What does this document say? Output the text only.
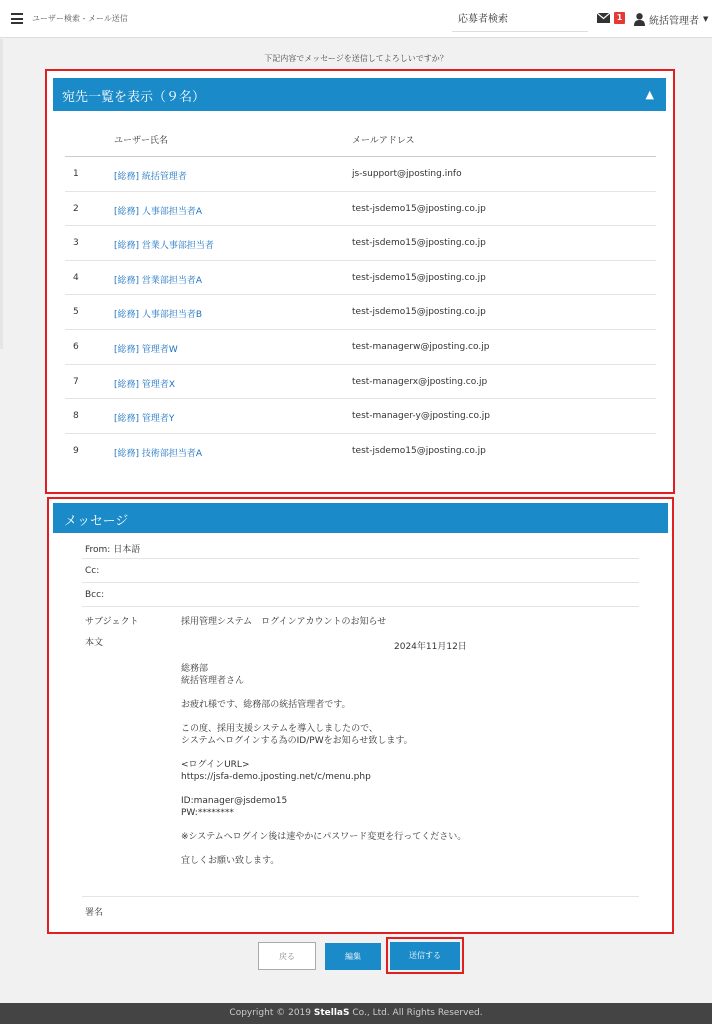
ユーザー検索 - メール送信
応募者検索	1	統括管理者 ▼
下記内容でメッセージを送信してよろしいですか？
宛先一覧を表示（９名）	▲
ユーザー氏名	メールアドレス
1	[総務] 統括管理者	js-support@jposting.info
2	[総務] 人事部担当者A	test-jsdemo15@jposting.co.jp
3	[総務] 営業人事部担当者	test-jsdemo15@jposting.co.jp
4	[総務] 営業部担当者A	test-jsdemo15@jposting.co.jp
5	[総務] 人事部担当者B	test-jsdemo15@jposting.co.jp
6	[総務] 管理者W	test-managerw@jposting.co.jp
7	[総務] 管理者X	test-managerx@jposting.co.jp
8	[総務] 管理者Y	test-manager-y@jposting.co.jp
9	[総務] 技術部担当者A	test-jsdemo15@jposting.co.jp
メッセージ
From: 日本語
Cc:
Bcc:
サブジェクト	採用管理システム　ログインアカウントのお知らせ
本文	2024年11月12日
総務部
統括管理者さん
お疲れ様です、総務部の統括管理者です。
この度、採用支援システムを導入しましたので、
システムへログインする為のID/PWをお知らせ致します。
<ログインURL>
https://jsfa-demo.jposting.net/c/menu.php
ID:manager@jsdemo15
PW:********
※システムへログイン後は速やかにパスワード変更を行ってください。
宜しくお願い致します。
署名
戻る	編集	送信する
Copyright © 2019 StellaS Co., Ltd. All Rights Reserved.
